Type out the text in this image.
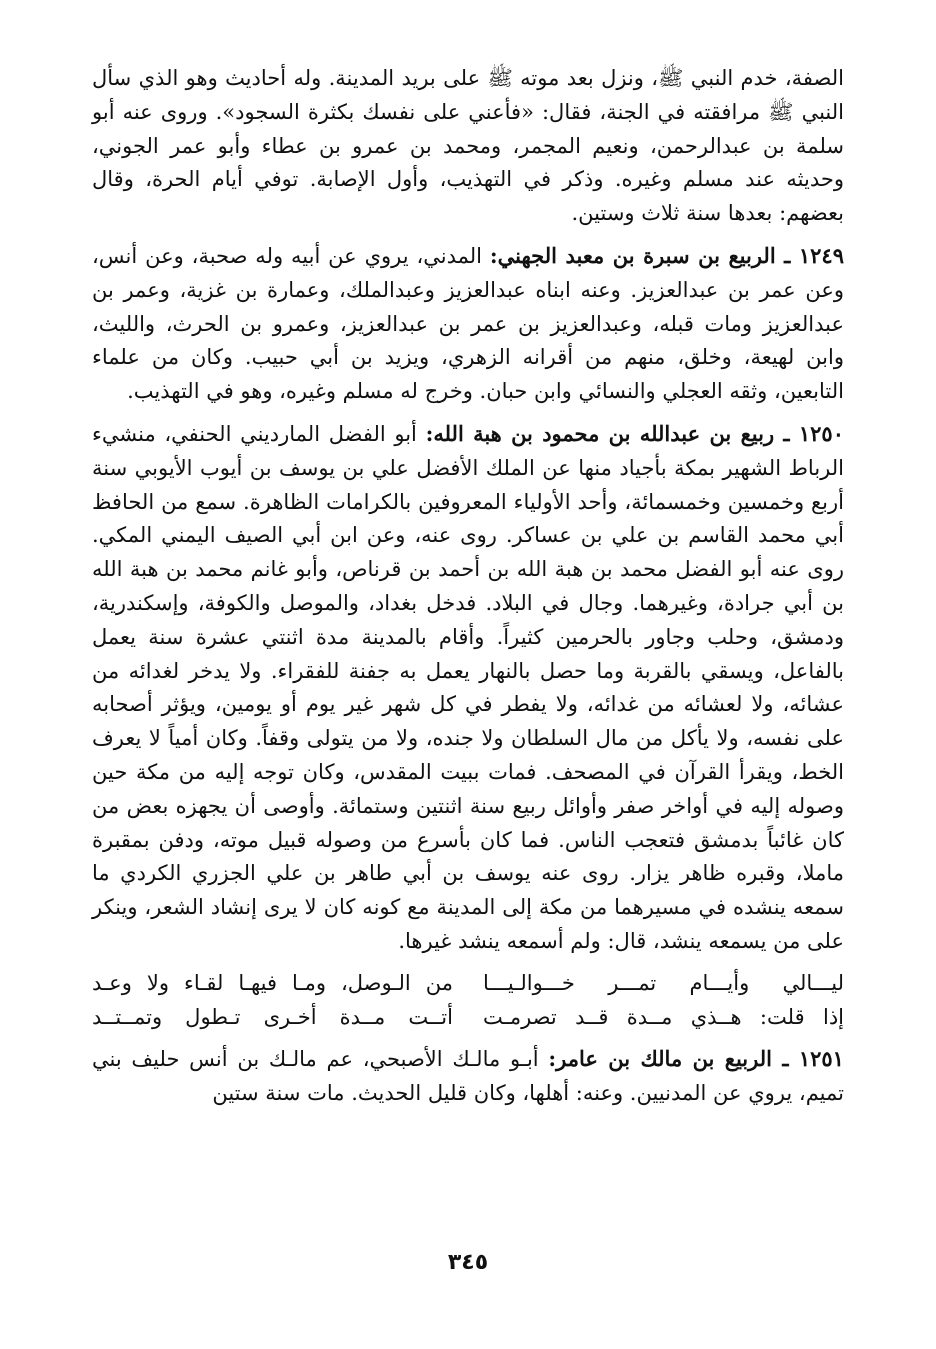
الصفة، خدم النبي ﷺ، ونزل بعد موته ﷺ على بريد المدينة. وله أحاديث وهو الذي سأل النبي ﷺ مرافقته في الجنة، فقال: «فأعني على نفسك بكثرة السجود». وروى عنه أبو سلمة بن عبدالرحمن، ونعيم المجمر، ومحمد بن عمرو بن عطاء وأبو عمر الجوني، وحديثه عند مسلم وغيره. وذكر في التهذيب، وأول الإصابة. توفي أيام الحرة، وقال بعضهم: بعدها سنة ثلاث وستين.

١٢٤٩ ـ الربيع بن سبرة بن معبد الجهني: المدني، يروي عن أبيه وله صحبة، وعن أنس، وعن عمر بن عبدالعزيز. وعنه ابناه عبدالعزيز وعبدالملك، وعمارة بن غزية، وعمر بن عبدالعزيز ومات قبله، وعبدالعزيز بن عمر بن عبدالعزيز، وعمرو بن الحرث، والليث، وابن لهيعة، وخلق، منهم من أقرانه الزهري، ويزيد بن أبي حبيب. وكان من علماء التابعين، وثقه العجلي والنسائي وابن حبان. وخرج له مسلم وغيره، وهو في التهذيب.

١٢٥٠ ـ ربيع بن عبدالله بن محمود بن هبة الله: أبو الفضل المارديني الحنفي، منشيء الرباط الشهير بمكة بأجياد منها عن الملك الأفضل علي بن يوسف بن أيوب الأيوبي سنة أربع وخمسين وخمسمائة، وأحد الأولياء المعروفين بالكرامات الظاهرة. سمع من الحافظ أبي محمد القاسم بن علي بن عساكر. روى عنه، وعن ابن أبي الصيف اليمني المكي. روى عنه أبو الفضل محمد بن هبة الله بن أحمد بن قرناص، وأبو غانم محمد بن هبة الله بن أبي جرادة، وغيرهما. وجال في البلاد. فدخل بغداد، والموصل والكوفة، وإسكندرية، ودمشق، وحلب وجاور بالحرمين كثيراً. وأقام بالمدينة مدة اثنتي عشرة سنة يعمل بالفاعل، ويسقي بالقربة وما حصل بالنهار يعمل به جفنة للفقراء. ولا يدخر لغدائه من عشائه، ولا لعشائه من غدائه، ولا يفطر في كل شهر غير يوم أو يومين، ويؤثر أصحابه على نفسه، ولا يأكل من مال السلطان ولا جنده، ولا من يتولى وقفاً. وكان أمياً لا يعرف الخط، ويقرأ القرآن في المصحف. فمات ببيت المقدس، وكان توجه إليه من مكة حين وصوله إليه في أواخر صفر وأوائل ربيع سنة اثنتين وستمائة. وأوصى أن يجهزه بعض من كان غائباً بدمشق فتعجب الناس. فما كان بأسرع من وصوله قبيل موته، ودفن بمقبرة ماملا، وقبره ظاهر يزار. روى عنه يوسف بن أبي طاهر بن علي الجزري الكردي ما سمعه ينشده في مسيرهما من مكة إلى المدينة مع كونه كان لا يرى إنشاد الشعر، وينكر على من يسمعه ينشد، قال: ولم أسمعه ينشد غيرها.

ليـــالي وأيـــام تمـــر خـــوالـيـــا
من الـوصل، ومـا فيهـا لقـاء ولا وعـد
إذا قلت: هــذي مــدة قــد تصرمـت
أتــت مــدة أخـرى تـطول وتمــتــد

١٢٥١ ـ الربيع بن مالك بن عامر: أبـو مالـك الأصبحي، عم مالـك بن أنس حليف بني تميم، يروي عن المدنيين. وعنه: أهلها، وكان قليل الحديث. مات سنة ستين

٣٤٥
